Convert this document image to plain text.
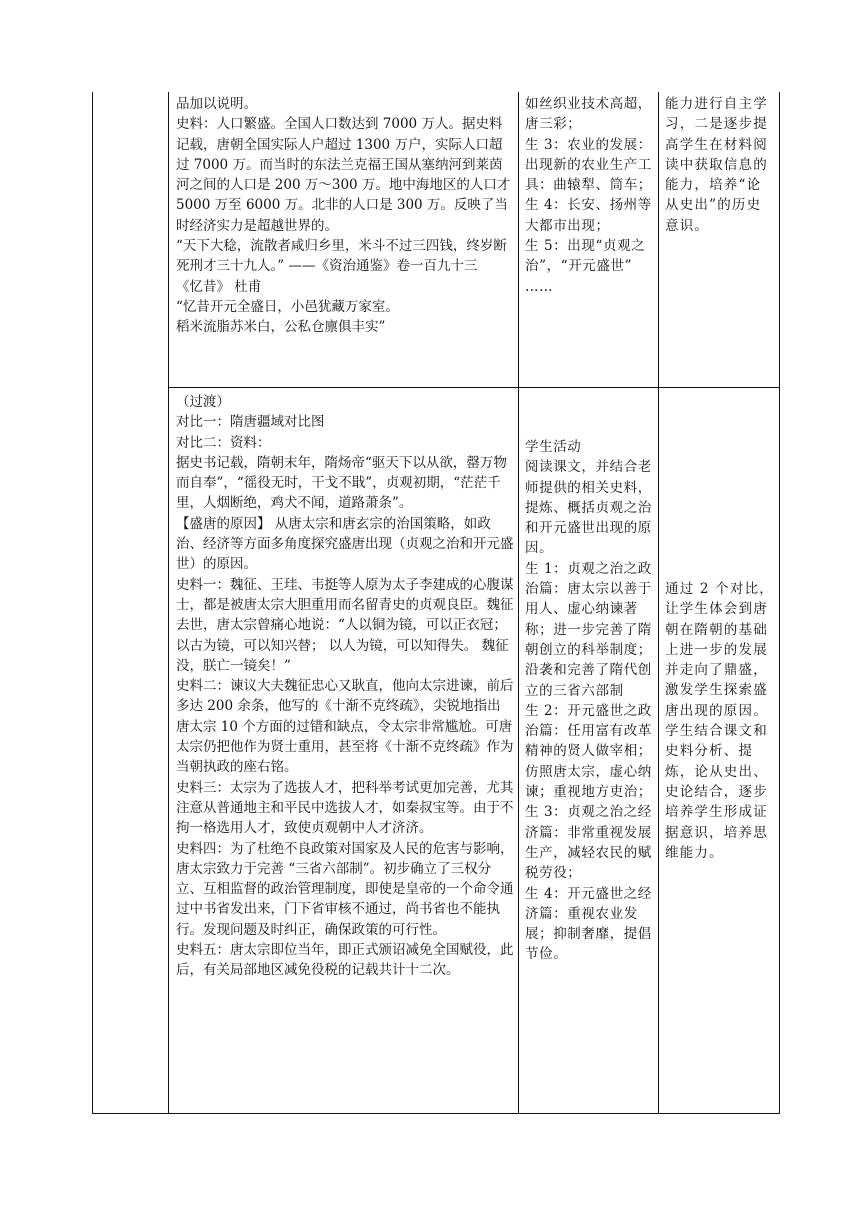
品加以说明。

史料：人口繁盛。全国人口数达到 7000 万人。据史料记载，唐朝全国实际人户超过 1300 万户，实际人口超过 7000 万。而当时的东法兰克福王国从塞纳河到莱茵河之间的人口是 200 万～300 万。地中海地区的人口才 5000 万至 6000 万。北非的人口是 300 万。反映了当时经济实力是超越世界的。

“天下大稔，流散者咸归乡里，米斗不过三四钱，终岁断死刑才三十九人。” ——《资治通鉴》卷一百九十三

《忆昔》 杜甫

“忆昔开元全盛日，小邑犹藏万家室。

稻米流脂苏米白，公私仓廪俱丰实”

如丝织业技术高超，唐三彩；

生 3：农业的发展：出现新的农业生产工具：曲辕犁、筒车；

生 4：长安、扬州等大都市出现；

生 5：出现“贞观之治”，“开元盛世”

……

能力进行自主学习，二是逐步提高学生在材料阅读中获取信息的能力，培养“论从史出”的历史意识。

（过渡）

对比一：隋唐疆域对比图

对比二：资料：

据史书记载，隋朝末年，隋炀帝“驱天下以从欲，罄万物而自奉”，“徭役无时，干戈不戢”，贞观初期，“茫茫千里，人烟断绝，鸡犬不闻，道路萧条”。

【盛唐的原因】 从唐太宗和唐玄宗的治国策略，如政治、经济等方面多角度探究盛唐出现（贞观之治和开元盛世）的原因。

史料一：魏征、王珪、韦挺等人原为太子李建成的心腹谋士，都是被唐太宗大胆重用而名留青史的贞观良臣。魏征去世，唐太宗曾痛心地说：“人以铜为镜，可以正衣冠； 以古为镜，可以知兴替； 以人为镜，可以知得失。 魏征没，朕亡一镜矣！”

史料二：谏议大夫魏征忠心又耿直，他向太宗进谏，前后多达 200 余条，他写的《十渐不克终疏》，尖锐地指出唐太宗 10 个方面的过错和缺点，令太宗非常尴尬。可唐太宗仍把他作为贤士重用，甚至将《十渐不克终疏》作为当朝执政的座右铭。

史料三：太宗为了选拔人才，把科举考试更加完善，尤其注意从普通地主和平民中选拔人才，如秦叔宝等。由于不拘一格选用人才，致使贞观朝中人才济济。

史料四：为了杜绝不良政策对国家及人民的危害与影响，唐太宗致力于完善 “三省六部制”。初步确立了三权分立、互相监督的政治管理制度，即使是皇帝的一个命令通过中书省发出来，门下省审核不通过，尚书省也不能执行。发现问题及时纠正，确保政策的可行性。

史料五：唐太宗即位当年，即正式颁诏减免全国赋役，此后，有关局部地区减免役税的记载共计十二次。

学生活动

阅读课文，并结合老师提供的相关史料，提炼、概括贞观之治和开元盛世出现的原因。

生 1：贞观之治之政治篇：唐太宗以善于用人、虚心纳谏著称；进一步完善了隋朝创立的科举制度；沿袭和完善了隋代创立的三省六部制

生 2：开元盛世之政治篇：任用富有改革精神的贤人做宰相；仿照唐太宗，虚心纳谏；重视地方吏治；

生 3：贞观之治之经济篇：非常重视发展生产，减轻农民的赋税劳役；

生 4：开元盛世之经济篇：重视农业发展；抑制奢靡，提倡节俭。

通过 2 个对比，让学生体会到唐朝在隋朝的基础上进一步的发展并走向了鼎盛，激发学生探索盛唐出现的原因。

学生结合课文和史料分析、提炼，论从史出、史论结合，逐步培养学生形成证据意识，培养思维能力。
